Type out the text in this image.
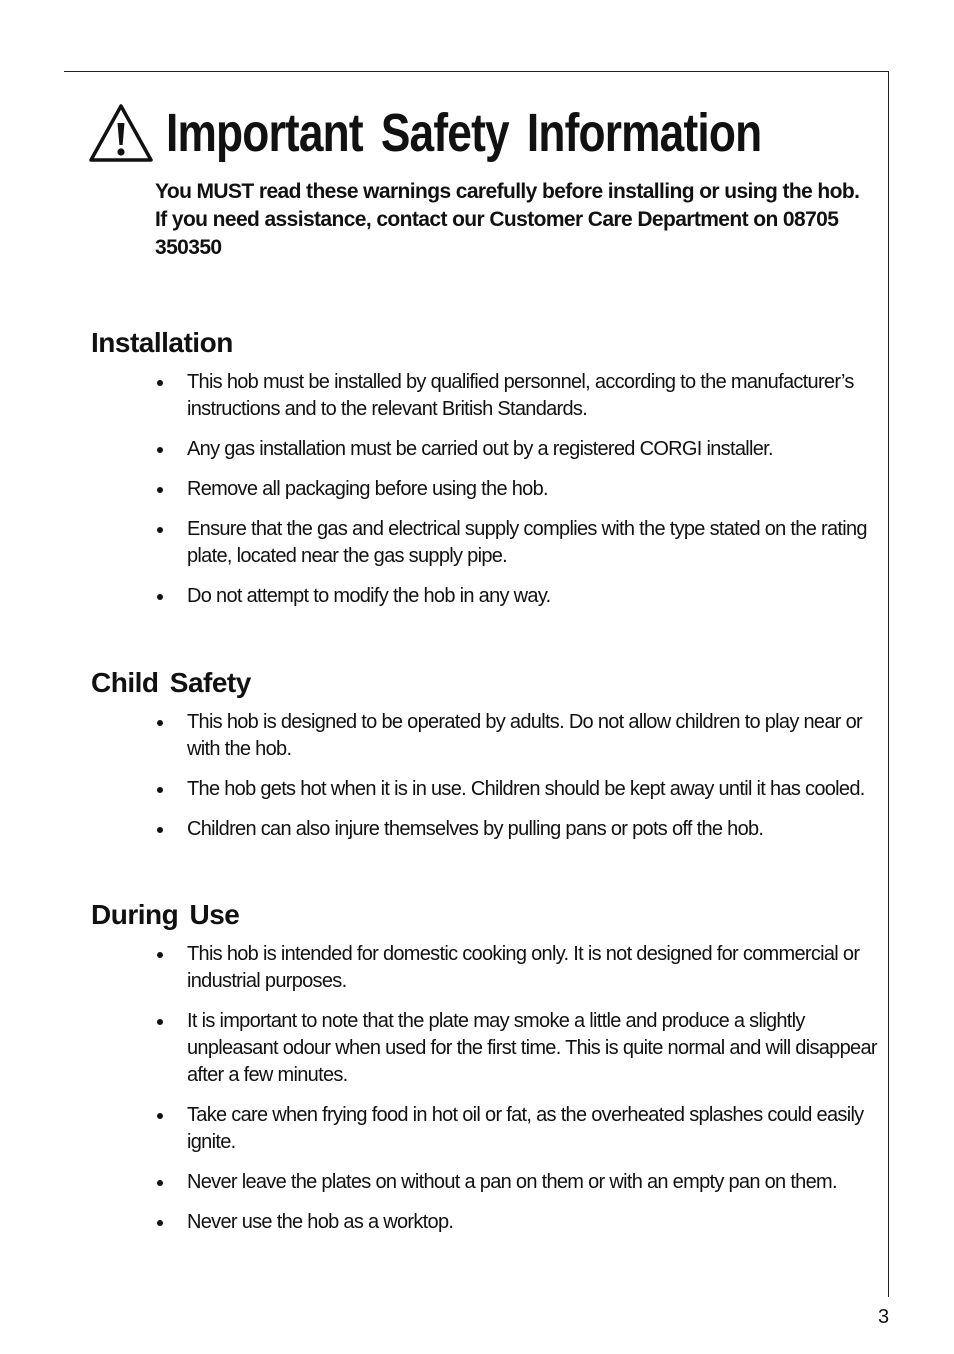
Important Safety Information
You MUST read these warnings carefully before installing or using the hob. If you need assistance, contact our Customer Care Department on 08705 350350
Installation
This hob must be installed by qualified personnel, according to the manufacturer’s instructions and to the relevant British Standards.
Any gas installation must be carried out by a registered CORGI installer.
Remove all packaging before using the hob.
Ensure that the gas and electrical supply complies with the type stated on the rating plate, located near the gas supply pipe.
Do not attempt to modify the hob in any way.
Child Safety
This hob is designed to be operated by adults. Do not allow children to play near or with the hob.
The hob gets hot when it is in use. Children should be kept away until it has cooled.
Children can also injure themselves by pulling pans or pots off the hob.
During Use
This hob is intended for domestic cooking only. It is not designed for commercial or industrial purposes.
It is important to note that the plate may smoke a little and produce a slightly unpleasant odour when used for the first time. This is quite normal and will disappear after a few minutes.
Take care when frying food in hot oil or fat, as the overheated splashes could easily ignite.
Never leave the plates on without a pan on them or with an empty pan on them.
Never use the hob as a worktop.
3
